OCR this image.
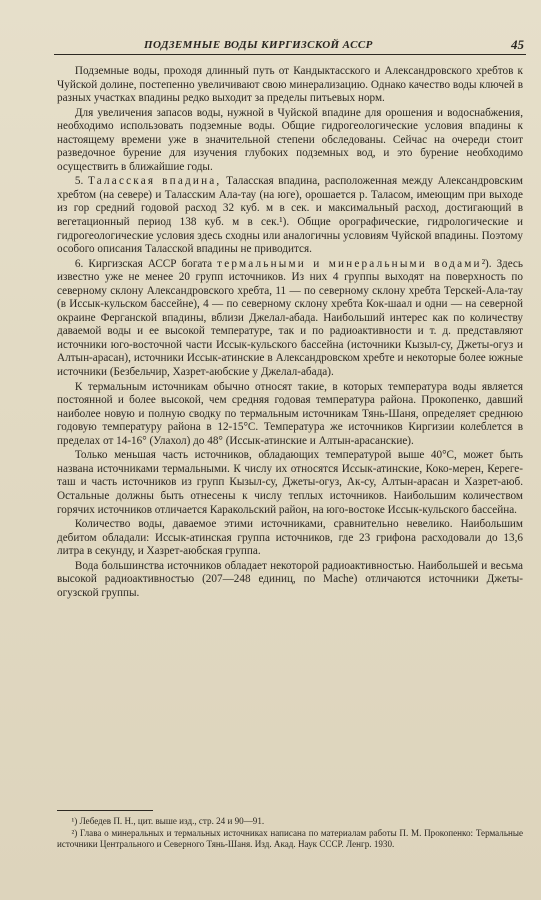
ПОДЗЕМНЫЕ ВОДЫ КИРГИЗСКОЙ АССР	45

Подземные воды, проходя длинный путь от Кандыктасского и Александровского хребтов к Чуйской долине, постепенно увеличивают свою минерализацию. Однако качество воды ключей в разных участках впадины редко выходит за пределы питьевых норм.

Для увеличения запасов воды, нужной в Чуйской впадине для орошения и водоснабжения, необходимо использовать подземные воды. Общие гидрогеологические условия впадины к настоящему времени уже в значительной степени обследованы. Сейчас на очереди стоит разведочное бурение для изучения глубоких подземных вод, и это бурение необходимо осуществить в ближайшие годы.

5. Таласская впадина, Таласская впадина, расположенная между Александровским хребтом (на севере) и Таласским Ала-тау (на юге), орошается р. Таласом, имеющим при выходе из гор средний годовой расход 32 куб. м в сек. и максимальный расход, достигающий в вегетационный период 138 куб. м в сек.¹). Общие орографические, гидрологические и гидрогеологические условия здесь сходны или аналогичны условиям Чуйской впадины. Поэтому особого описания Таласской впадины не приводится.

6. Киргизская АССР богата термальными и минеральными водами²). Здесь известно уже не менее 20 групп источников. Из них 4 группы выходят на поверхность по северному склону Александровского хребта, 11 — по северному склону хребта Терскей-Ала-тау (в Иссык-кульском бассейне), 4 — по северному склону хребта Кок-шаал и одни — на северной окраине Ферганской впадины, вблизи Джелал-абада. Наибольший интерес как по количеству даваемой воды и ее высокой температуре, так и по радиоактивности и т. д. представляют источники юго-восточной части Иссык-кульского бассейна (источники Кызыл-су, Джеты-огуз и Алтын-арасан), источники Иссык-атинские в Александровском хребте и некоторые более южные источники (Безбельчир, Хазрет-аюбские у Джелал-абада).

К термальным источникам обычно относят такие, в которых температура воды является постоянной и более высокой, чем средняя годовая температура района. Прокопенко, давший наиболее новую и полную сводку по термальным источникам Тянь-Шаня, определяет среднюю годовую температуру района в 12-15°С. Температура же источников Киргизии колеблется в пределах от 14-16° (Улахол) до 48° (Иссык-атинские и Алтын-арасанские).

Только меньшая часть источников, обладающих температурой выше 40°С, может быть названа источниками термальными. К числу их относятся Иссык-атинские, Коко-мерен, Кереге-таш и часть источников из групп Кызыл-су, Джеты-огуз, Ак-су, Алтын-арасан и Хазрет-аюб. Остальные должны быть отнесены к числу теплых источников. Наибольшим количеством горячих источников отличается Каракольский район, на юго-востоке Иссык-кульского бассейна.

Количество воды, даваемое этими источниками, сравнительно невелико. Наибольшим дебитом обладали: Иссык-атинская группа источников, где 23 грифона расходовали до 13,6 литра в секунду, и Хазрет-аюбская группа.

Вода большинства источников обладает некоторой радиоактивностью. Наибольшей и весьма высокой радиоактивностью (207—248 единиц, по Mache) отличаются источники Джеты-огузской группы.

¹) Лебедев П. Н., цит. выше изд., стр. 24 и 90—91.

²) Глава о минеральных и термальных источниках написана по материалам работы П. М. Прокопенко: Термальные источники Центрального и Северного Тянь-Шаня. Изд. Акад. Наук СССР. Ленгр. 1930.
